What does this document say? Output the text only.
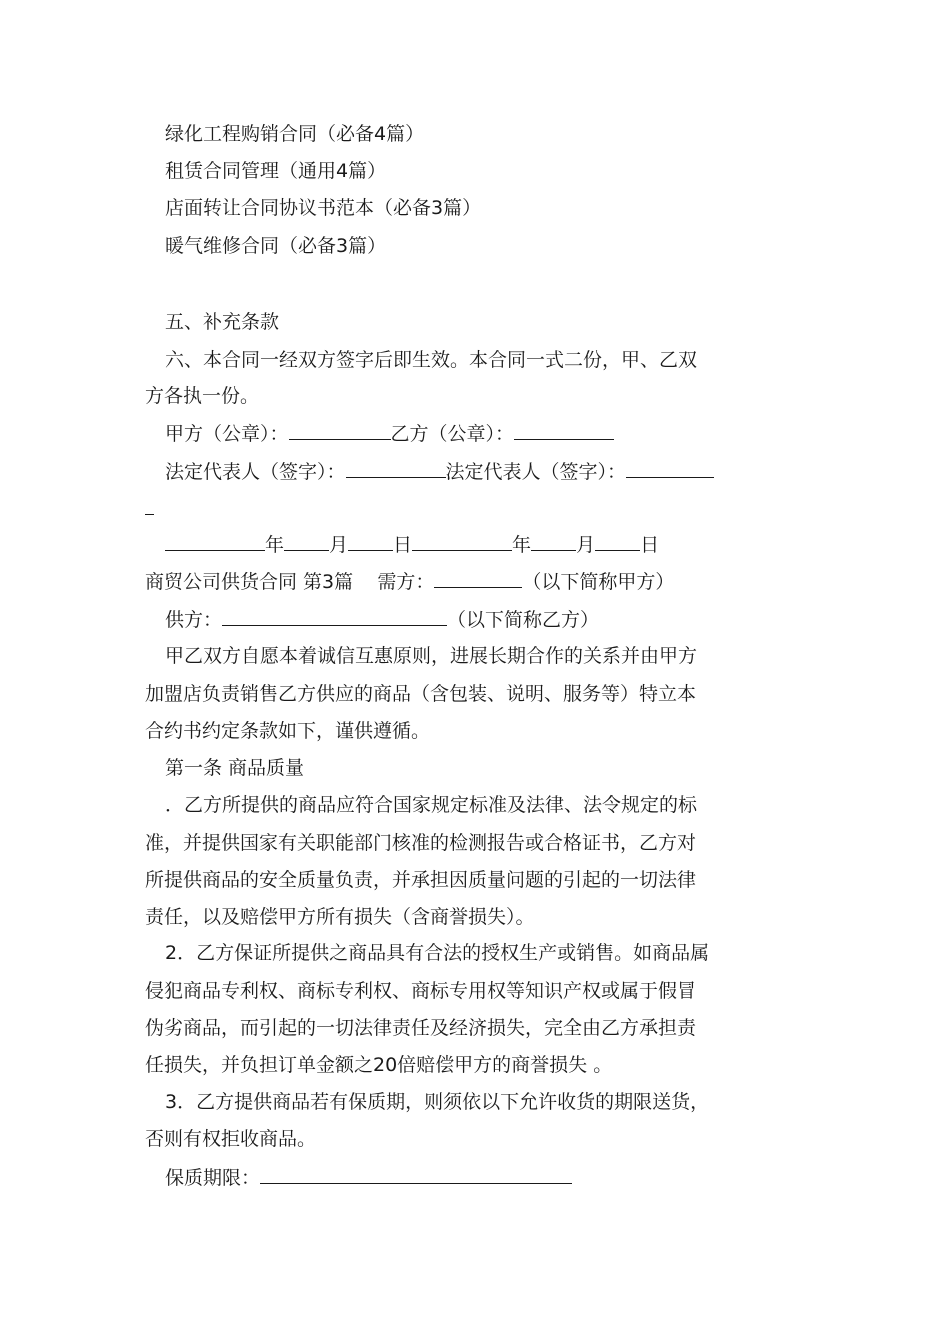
绿化工程购销合同（必备4篇）
租赁合同管理（通用4篇）
店面转让合同协议书范本（必备3篇）
暖气维修合同（必备3篇）
五、补充条款
六、本合同一经双方签字后即生效。本合同一式二份，甲、乙双
方各执一份。
甲方（公章）：	乙方（公章）：
法定代表人（签字）：	法定代表人（签字）：
年 月 日	年 月 日
商贸公司供货合同 第3篇 需方：	（以下简称甲方）
供方：	（以下简称乙方）
甲乙双方自愿本着诚信互惠原则，进展长期合作的关系并由甲方
加盟店负责销售乙方供应的商品（含包装、说明、服务等）特立本
合约书约定条款如下，谨供遵循。
第一条 商品质量
．乙方所提供的商品应符合国家规定标准及法律、法令规定的标
准，并提供国家有关职能部门核准的检测报告或合格证书，乙方对
所提供商品的安全质量负责，并承担因质量问题的引起的一切法律
责任，以及赔偿甲方所有损失（含商誉损失）。
2．乙方保证所提供之商品具有合法的授权生产或销售。如商品属
侵犯商品专利权、商标专利权、商标专用权等知识产权或属于假冒
伪劣商品，而引起的一切法律责任及经济损失，完全由乙方承担责
任损失，并负担订单金额之20倍赔偿甲方的商誉损失 。
3．乙方提供商品若有保质期，则须依以下允许收货的期限送货，
否则有权拒收商品。
保质期限：
